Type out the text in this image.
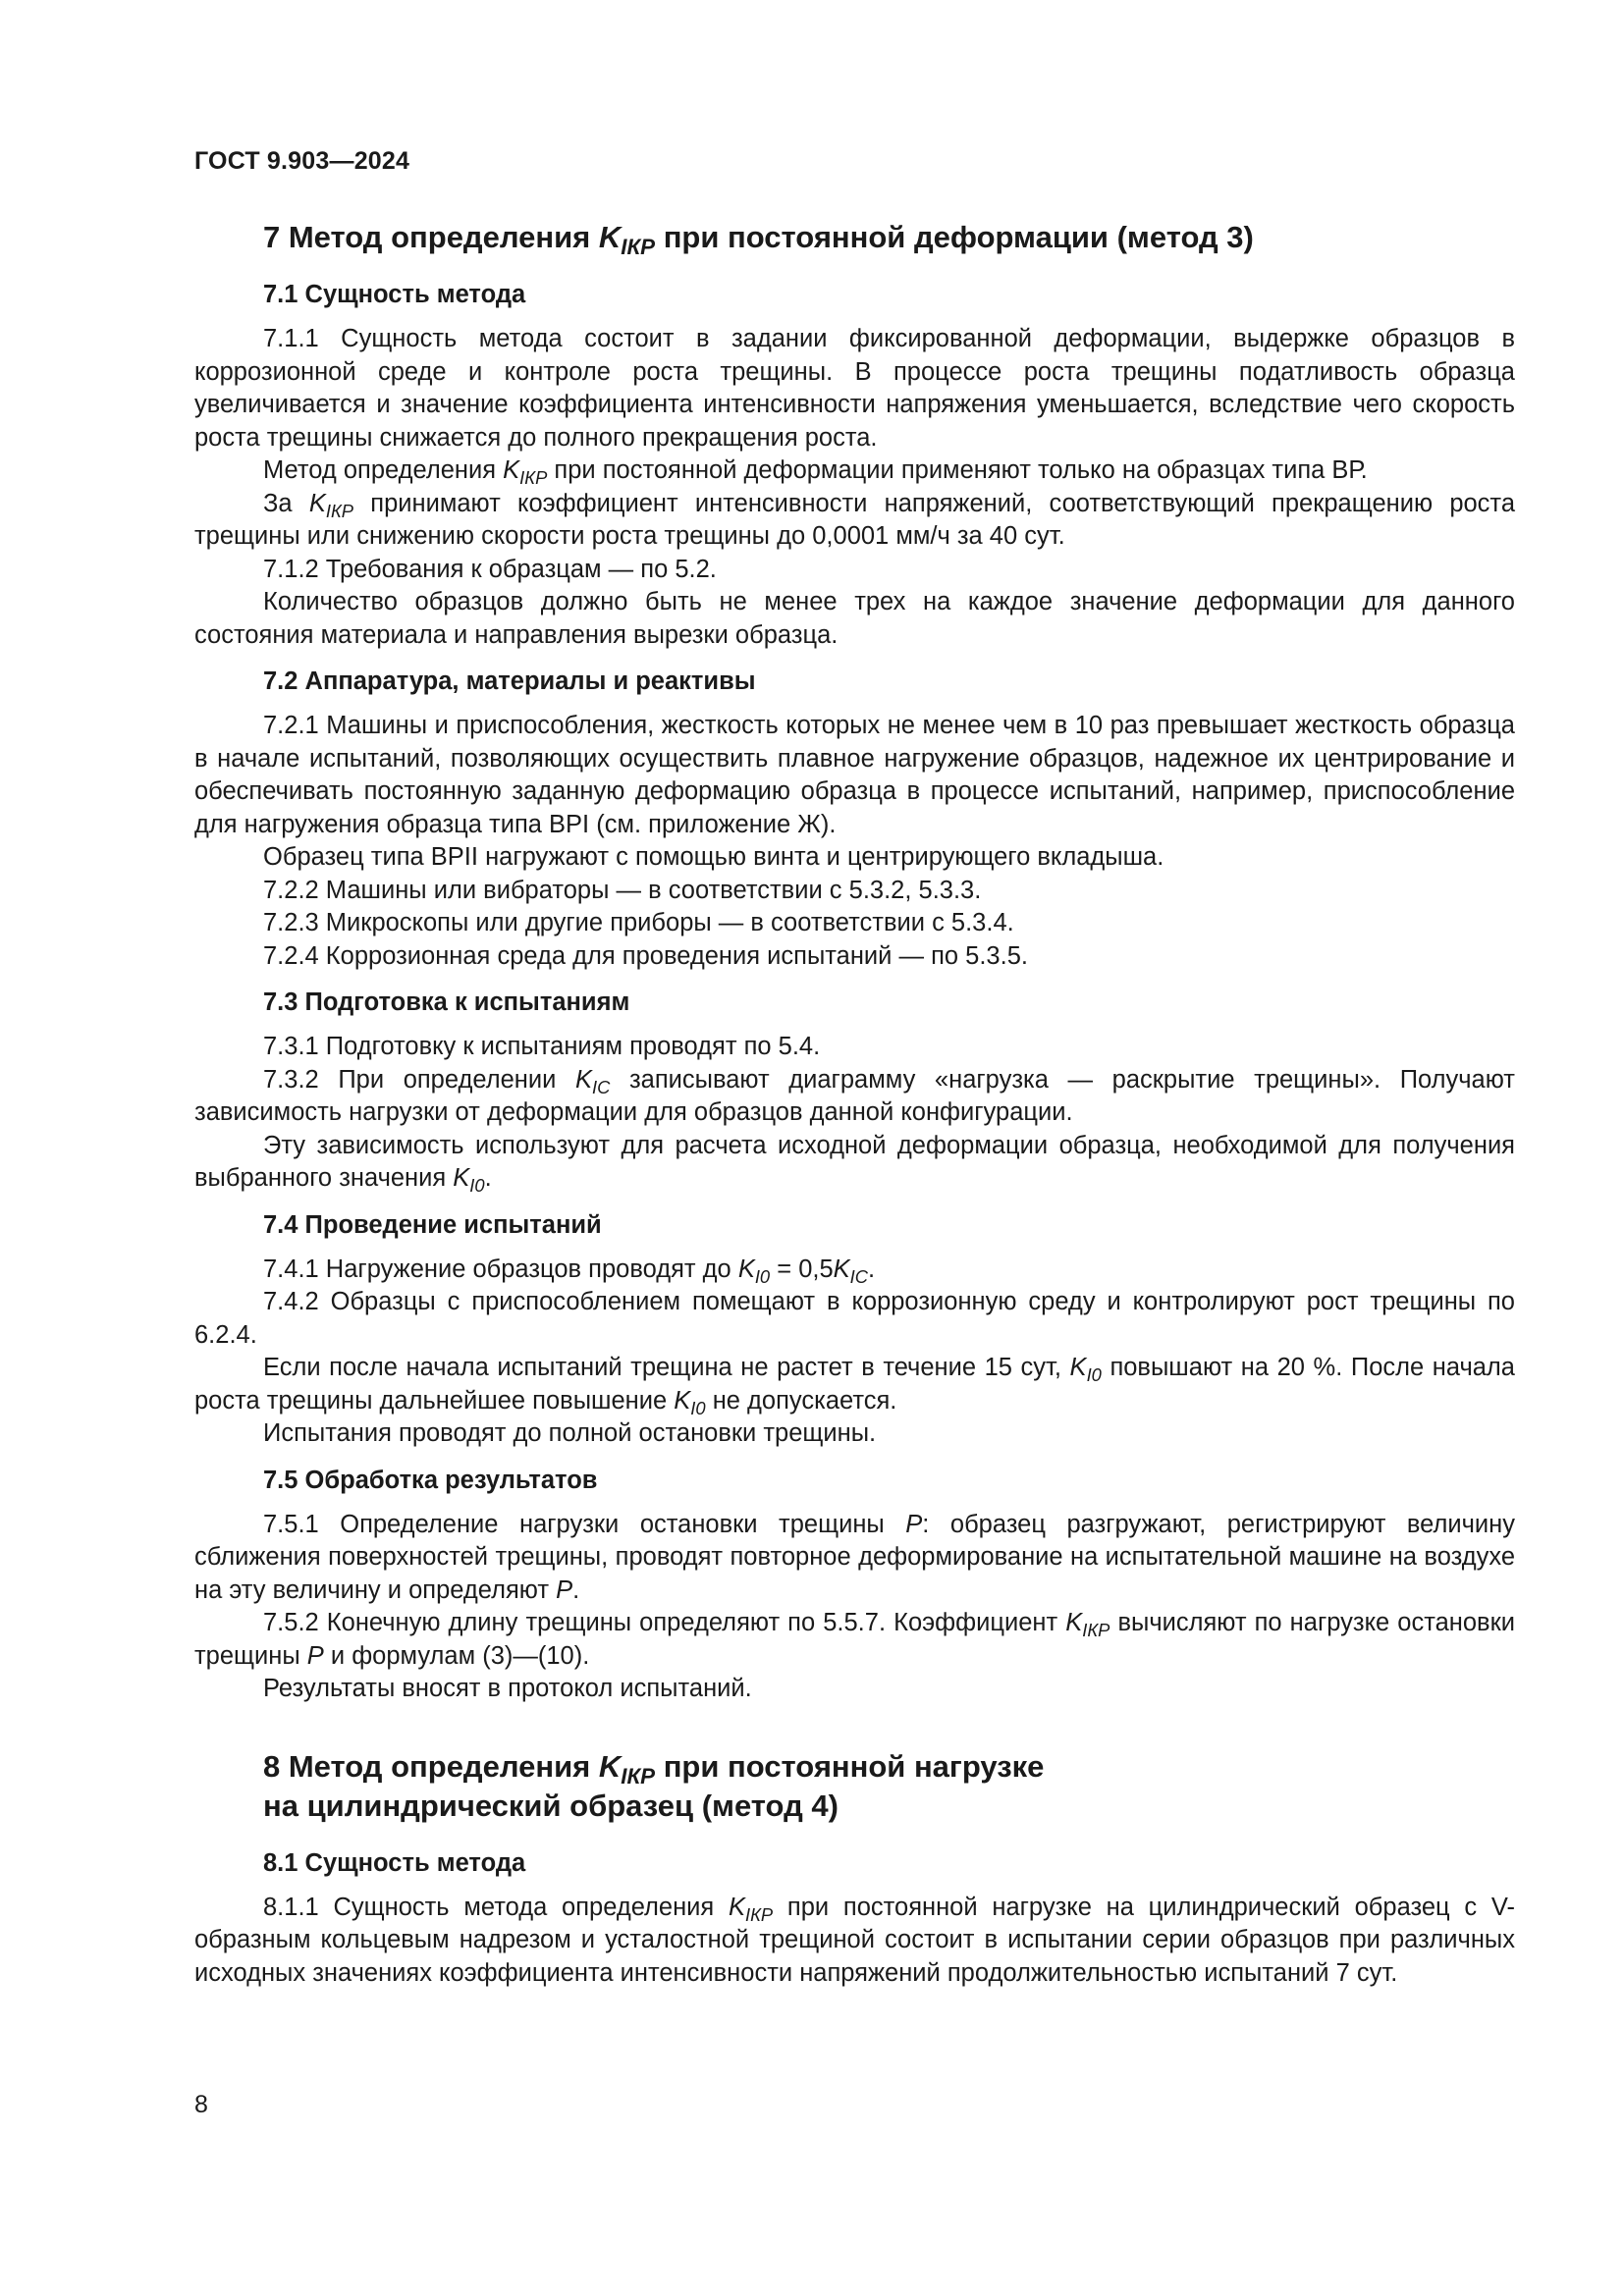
ГОСТ 9.903—2024
7 Метод определения $K_{IКР}$ при постоянной деформации (метод 3)
7.1 Сущность метода

7.1.1 Сущность метода состоит в задании фиксированной деформации, выдержке образцов в коррозионной среде и контроле роста трещины. В процессе роста трещины податливость образца увеличивается и значение коэффициента интенсивности напряжения уменьшается, вследствие чего скорость роста трещины снижается до полного прекращения роста.

Метод определения $K_{IКР}$ при постоянной деформации применяют только на образцах типа ВР.

За $K_{IКР}$ принимают коэффициент интенсивности напряжений, соответствующий прекращению роста трещины или снижению скорости роста трещины до 0,0001 мм/ч за 40 сут.

7.1.2 Требования к образцам — по 5.2.

Количество образцов должно быть не менее трех на каждое значение деформации для данного состояния материала и направления вырезки образца.

7.2 Аппаратура, материалы и реактивы

7.2.1 Машины и приспособления, жесткость которых не менее чем в 10 раз превышает жесткость образца в начале испытаний, позволяющих осуществить плавное нагружение образцов, надежное их центрирование и обеспечивать постоянную заданную деформацию образца в процессе испытаний, например, приспособление для нагружения образца типа ВРI (см. приложение Ж).

Образец типа ВРII нагружают с помощью винта и центрирующего вкладыша.

7.2.2 Машины или вибраторы — в соответствии с 5.3.2, 5.3.3.

7.2.3 Микроскопы или другие приборы — в соответствии с 5.3.4.

7.2.4 Коррозионная среда для проведения испытаний — по 5.3.5.

7.3 Подготовка к испытаниям

7.3.1 Подготовку к испытаниям проводят по 5.4.

7.3.2 При определении $K_{IC}$ записывают диаграмму «нагрузка — раскрытие трещины». Получают зависимость нагрузки от деформации для образцов данной конфигурации.

Эту зависимость используют для расчета исходной деформации образца, необходимой для получения выбранного значения $K_{I0}$.

7.4 Проведение испытаний

7.4.1 Нагружение образцов проводят до $K_{I0} = 0,5K_{IC}$.

7.4.2 Образцы с приспособлением помещают в коррозионную среду и контролируют рост трещины по 6.2.4.

Если после начала испытаний трещина не растет в течение 15 сут, $K_{I0}$ повышают на 20 %. После начала роста трещины дальнейшее повышение $K_{I0}$ не допускается.

Испытания проводят до полной остановки трещины.

7.5 Обработка результатов

7.5.1 Определение нагрузки остановки трещины P: образец разгружают, регистрируют величину сближения поверхностей трещины, проводят повторное деформирование на испытательной машине на воздухе на эту величину и определяют P.

7.5.2 Конечную длину трещины определяют по 5.5.7. Коэффициент $K_{IКР}$ вычисляют по нагрузке остановки трещины P и формулам (3)—(10).

Результаты вносят в протокол испытаний.

8 Метод определения $K_{IКР}$ при постоянной нагрузке
на цилиндрический образец (метод 4)
8.1 Сущность метода

8.1.1 Сущность метода определения $K_{IКР}$ при постоянной нагрузке на цилиндрический образец с V-образным кольцевым надрезом и усталостной трещиной состоит в испытании серии образцов при различных исходных значениях коэффициента интенсивности напряжений продолжительностью испытаний 7 сут.

8
